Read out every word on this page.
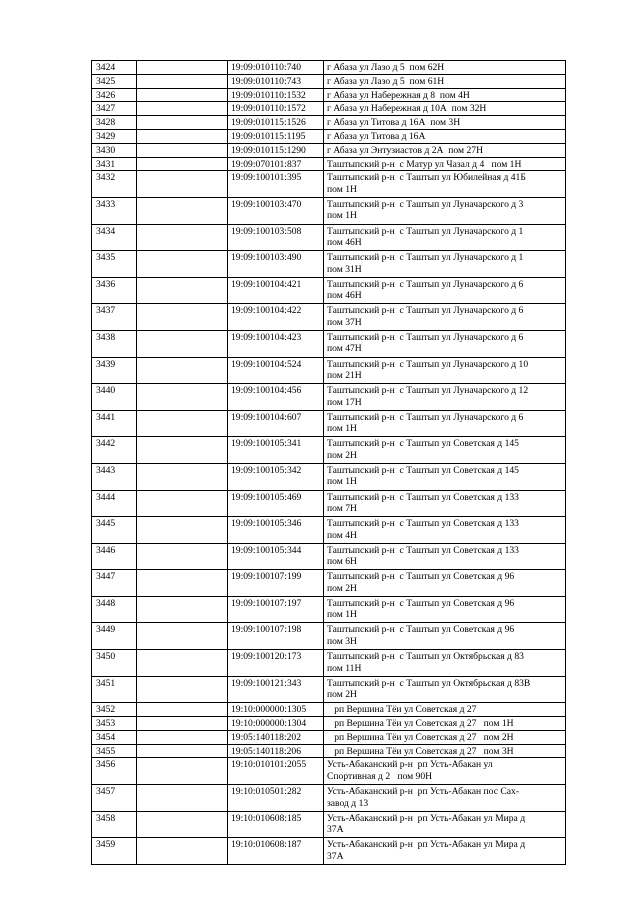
3424		19:09:010110:740	г Абаза ул Лазо д 5  пом 62Н

3425		19:09:010110:743	г Абаза ул Лазо д 5  пом 61Н

3426		19:09:010110:1532	г Абаза ул Набережная д 8  пом 4Н

3427		19:09:010110:1572	г Абаза ул Набережная д 10А  пом 32Н

3428		19:09:010115:1526	г Абаза ул Титова д 16А  пом 3Н

3429		19:09:010115:1195	г Абаза ул Титова д 16А

3430		19:09:010115:1290	г Абаза ул Энтузиастов д 2А  пом 27Н

3431		19:09:070101:837	Таштыпский р-н  с Матур ул Чазал д 4   пом 1Н

3432		19:09:100101:395	Таштыпский р-н  с Таштып ул Юбилейная д 41Б
пом 1Н

3433		19:09:100103:470	Таштыпский р-н  с Таштып ул Луначарского д 3
пом 1Н

3434		19:09:100103:508	Таштыпский р-н  с Таштып ул Луначарского д 1
пом 46Н

3435		19:09:100103:490	Таштыпский р-н  с Таштып ул Луначарского д 1
пом 31Н

3436		19:09:100104:421	Таштыпский р-н  с Таштып ул Луначарского д 6
пом 46Н

3437		19:09:100104:422	Таштыпский р-н  с Таштып ул Луначарского д 6
пом 37Н

3438		19:09:100104:423	Таштыпский р-н  с Таштып ул Луначарского д 6
пом 47Н

3439		19:09:100104:524	Таштыпский р-н  с Таштып ул Луначарского д 10
пом 21Н

3440		19:09:100104:456	Таштыпский р-н  с Таштып ул Луначарского д 12
пом 17Н

3441		19:09:100104:607	Таштыпский р-н  с Таштып ул Луначарского д 6
пом 1Н

3442		19:09:100105:341	Таштыпский р-н  с Таштып ул Советская д 145
пом 2Н

3443		19:09:100105:342	Таштыпский р-н  с Таштып ул Советская д 145
пом 1Н

3444		19:09:100105:469	Таштыпский р-н  с Таштып ул Советская д 133
пом 7Н

3445		19:09:100105:346	Таштыпский р-н  с Таштып ул Советская д 133
пом 4Н

3446		19:09:100105:344	Таштыпский р-н  с Таштып ул Советская д 133
пом 6Н

3447		19:09:100107:199	Таштыпский р-н  с Таштып ул Советская д 96
пом 2Н

3448		19:09:100107:197	Таштыпский р-н  с Таштып ул Советская д 96
пом 1Н

3449		19:09:100107:198	Таштыпский р-н  с Таштып ул Советская д 96
пом 3Н

3450		19:09:100120:173	Таштыпский р-н  с Таштып ул Октябрьская д 83
пом 11Н

3451		19:09:100121:343	Таштыпский р-н  с Таштып ул Октябрьская д 83В
пом 2Н

3452		19:10:000000:1305	рп Вершина Тёи ул Советская д 27

3453		19:10:000000:1304	рп Вершина Тёи ул Советская д 27   пом 1Н

3454		19:05:140118:202	рп Вершина Тёи ул Советская д 27   пом 2Н

3455		19:05:140118:206	рп Вершина Тёи ул Советская д 27   пом 3Н

3456		19:10:010101:2055	Усть-Абаканский р-н  рп Усть-Абакан ул
Спортивная д 2   пом 90Н

3457		19:10:010501:282	Усть-Абаканский р-н  рп Усть-Абакан пос Сах-
завод д 13

3458		19:10:010608:185	Усть-Абаканский р-н  рп Усть-Абакан ул Мира д
37А

3459		19:10:010608:187	Усть-Абаканский р-н  рп Усть-Абакан ул Мира д
37А
